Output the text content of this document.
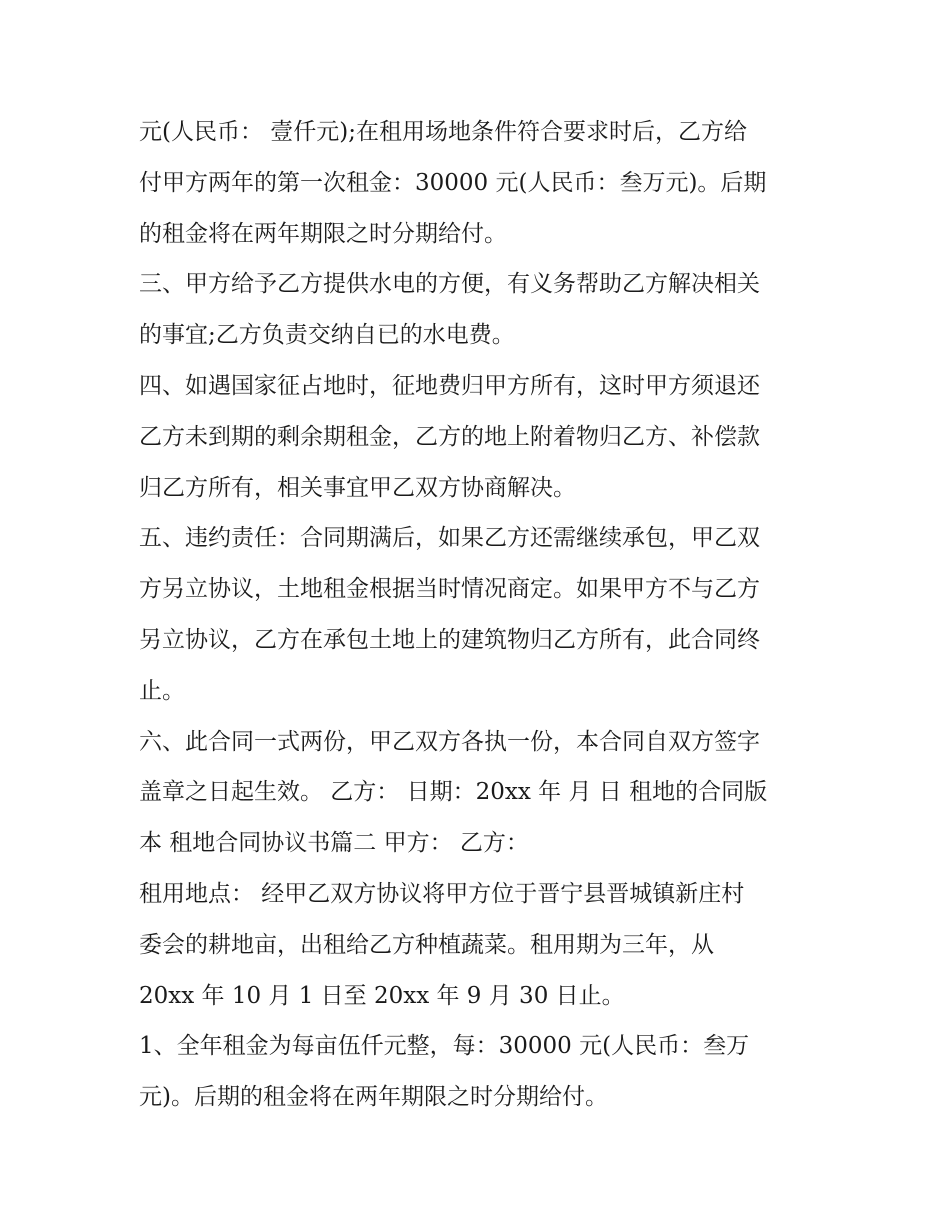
元(人民币： 壹仟元);在租用场地条件符合要求时后，乙方给
付甲方两年的第一次租金：30000 元(人民币：叁万元)。后期
的租金将在两年期限之时分期给付。
三、甲方给予乙方提供水电的方便，有义务帮助乙方解决相关
的事宜;乙方负责交纳自已的水电费。
四、如遇国家征占地时，征地费归甲方所有，这时甲方须退还
乙方未到期的剩余期租金，乙方的地上附着物归乙方、补偿款
归乙方所有，相关事宜甲乙双方协商解决。
五、违约责任：合同期满后，如果乙方还需继续承包，甲乙双
方另立协议，土地租金根据当时情况商定。如果甲方不与乙方
另立协议，乙方在承包土地上的建筑物归乙方所有，此合同终
止。
六、此合同一式两份，甲乙双方各执一份，本合同自双方签字
盖章之日起生效。 乙方： 日期：20xx 年 月 日 租地的合同版
本 租地合同协议书篇二 甲方： 乙方：
租用地点： 经甲乙双方协议将甲方位于晋宁县晋城镇新庄村
委会的耕地亩，出租给乙方种植蔬菜。租用期为三年，从
20xx 年 10 月 1 日至 20xx 年 9 月 30 日止。
1、全年租金为每亩伍仟元整，每：30000 元(人民币：叁万
元)。后期的租金将在两年期限之时分期给付。
